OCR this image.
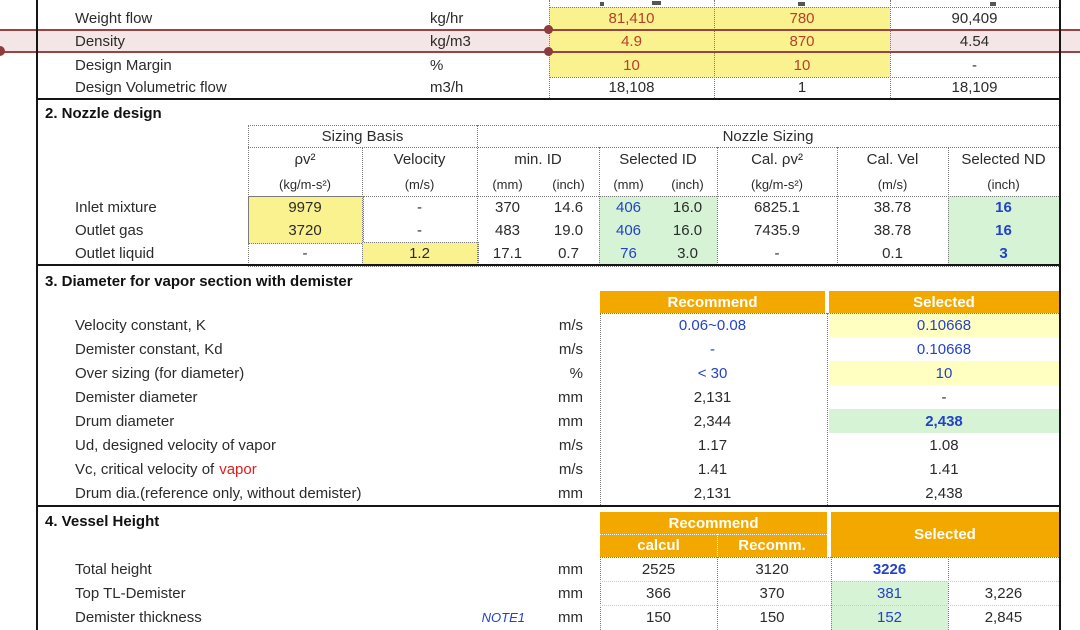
Weight flow	kg/hr	81,410	780	90,409
Density	kg/m3	4.9	870	4.54
Design Margin	%	10	10	-
Design Volumetric flow	m3/h	18,108	1	18,109
2. Nozzle design
Sizing Basis	Nozzle Sizing
ρv²	Velocity	min. ID	Selected ID	Cal. ρv²	Cal. Vel	Selected ND
(kg/m-s²)	(m/s)	(mm)	(inch)	(mm)	(inch)	(kg/m-s²)	(m/s)	(inch)
Inlet mixture	9979	-	370	14.6	406	16.0	6825.1	38.78	16
Outlet gas	3720	-	483	19.0	406	16.0	7435.9	38.78	16
Outlet liquid	-	1.2	17.1	0.7	76	3.0	-	0.1	3
3. Diameter for vapor section with demister
Recommend	Selected
Velocity constant, K	m/s	0.06~0.08	0.10668
Demister constant, Kd	m/s	-	0.10668
Over sizing (for diameter)	%	< 30	10
Demister diameter	mm	2,131	-
Drum diameter	mm	2,344	2,438
Ud, designed velocity of vapor	m/s	1.17	1.08
Vc, critical velocity of vapor	m/s	1.41	1.41
Drum dia.(reference only, without demister)	mm	2,131	2,438
4. Vessel Height	Recommend
calcul	Recomm.
Selected
Total height	mm	2525	3120	3226
Top TL-Demister	mm	366	370	381	3,226
Demister thickness	NOTE1	mm	150	150	152	2,845
